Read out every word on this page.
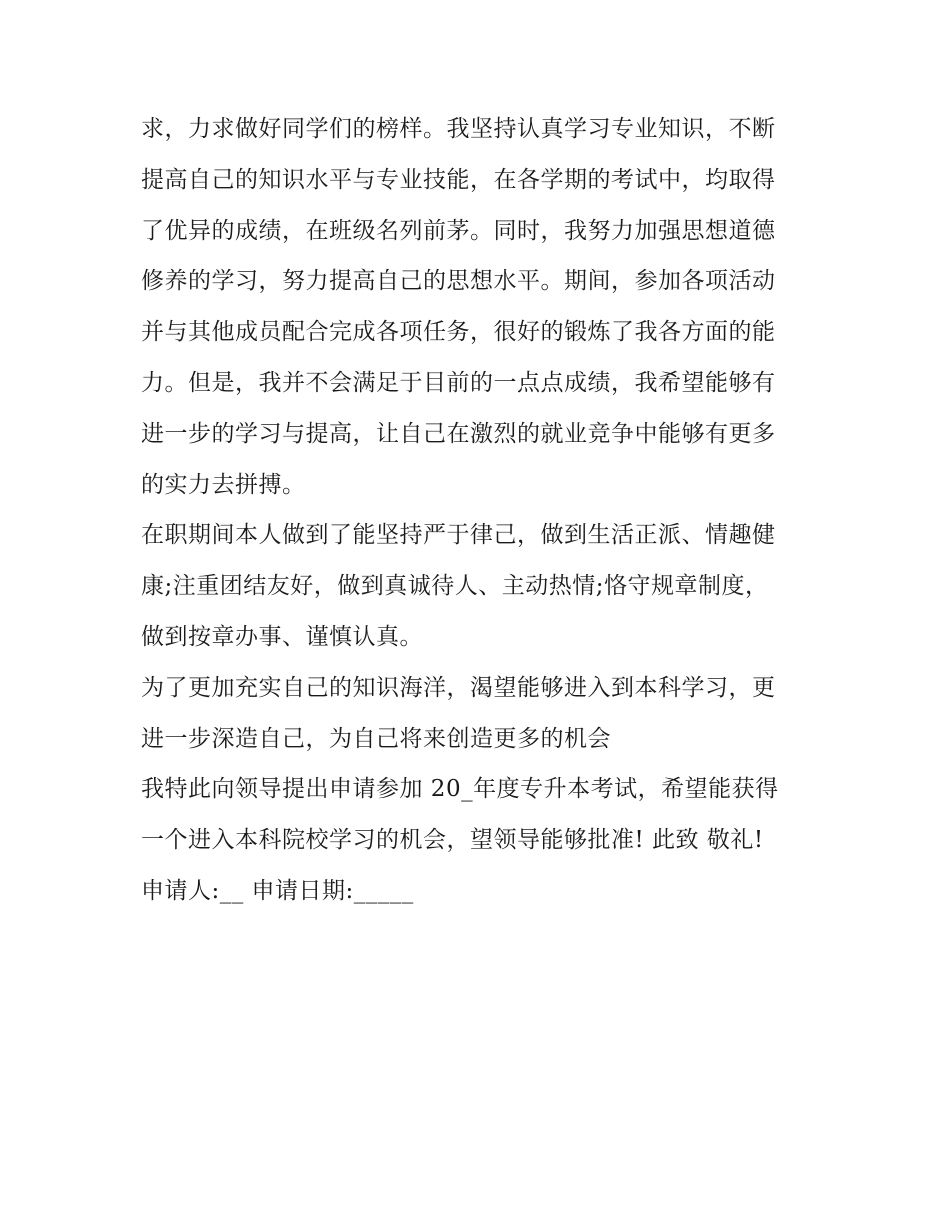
求，力求做好同学们的榜样。我坚持认真学习专业知识，不断
提高自己的知识水平与专业技能，在各学期的考试中，均取得
了优异的成绩，在班级名列前茅。同时，我努力加强思想道德
修养的学习，努力提高自己的思想水平。期间，参加各项活动
并与其他成员配合完成各项任务，很好的锻炼了我各方面的能
力。但是，我并不会满足于目前的一点点成绩，我希望能够有
进一步的学习与提高，让自己在激烈的就业竞争中能够有更多
的实力去拼搏。
在职期间本人做到了能坚持严于律己，做到生活正派、情趣健
康;注重团结友好，做到真诚待人、主动热情;恪守规章制度，
做到按章办事、谨慎认真。
为了更加充实自己的知识海洋，渴望能够进入到本科学习，更
进一步深造自己，为自己将来创造更多的机会
我特此向领导提出申请参加 20_年度专升本考试，希望能获得
一个进入本科院校学习的机会，望领导能够批准! 此致 敬礼!
申请人:__ 申请日期:_____
